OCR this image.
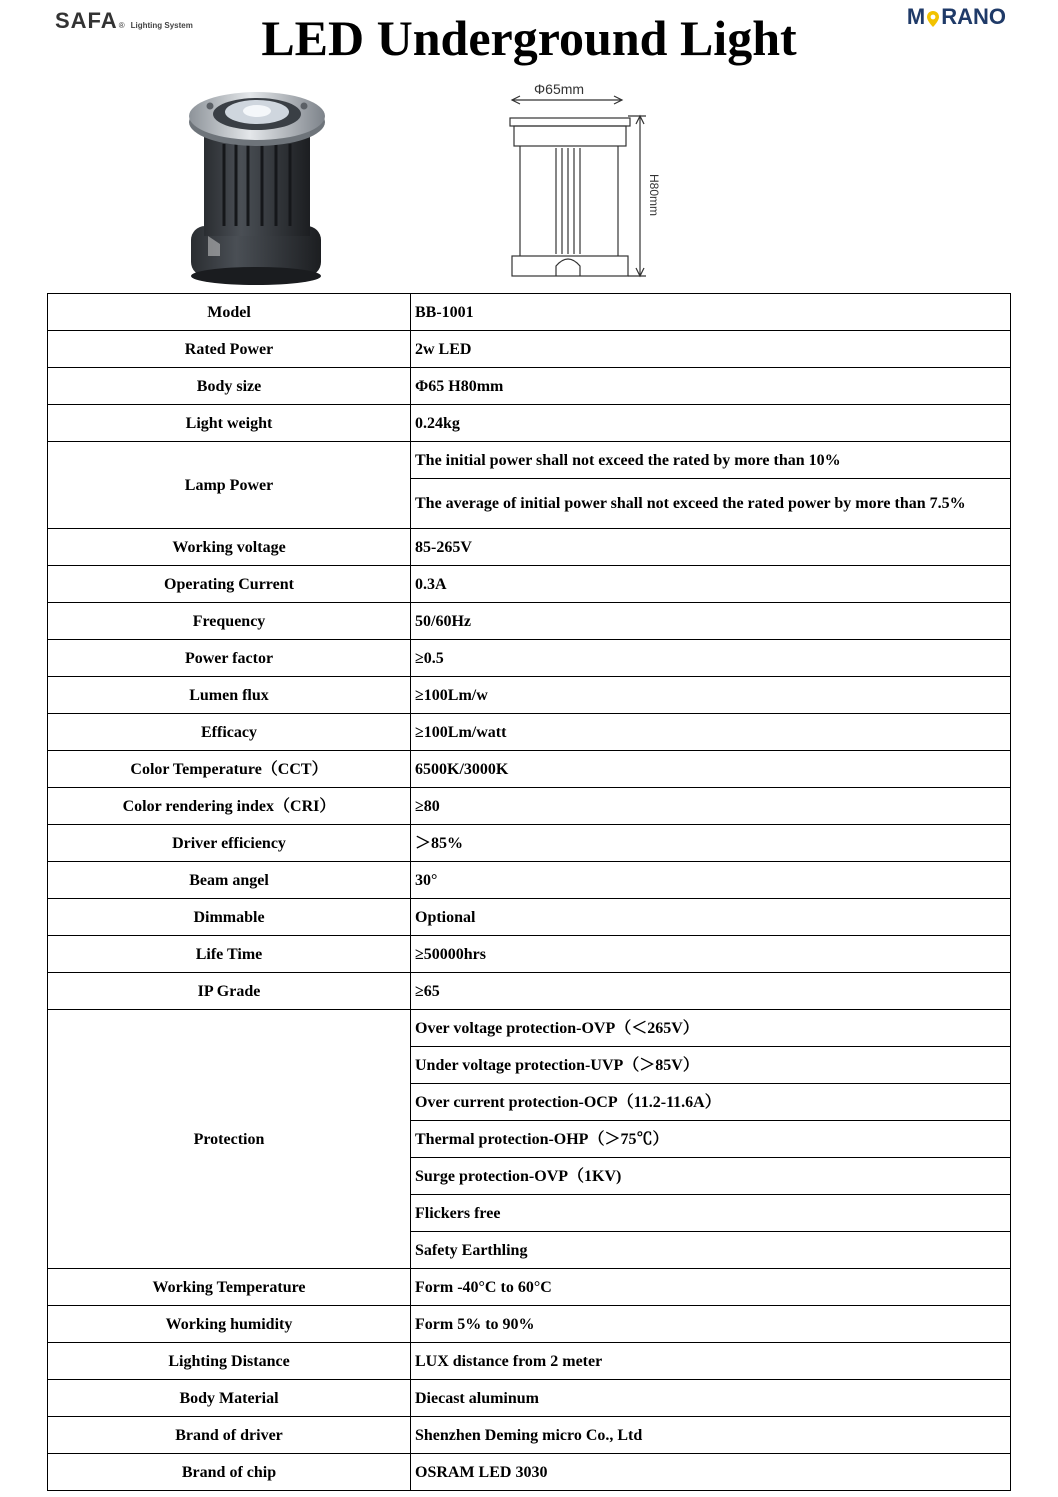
SAFA ® Lighting System	LED Underground Light	M RANO
Φ65mm
H80mm
Model	BB-1001
Rated Power	2w LED
Body size	Φ65 H80mm
Light weight	0.24kg
Lamp Power	The initial power shall not exceed the rated by more than 10%
	The average of initial power shall not exceed the rated power by more than 7.5%
Working voltage	85-265V
Operating Current	0.3A
Frequency	50/60Hz
Power factor	≥0.5
Lumen flux	≥100Lm/w
Efficacy	≥100Lm/watt
Color Temperature（CCT）	6500K/3000K
Color rendering index（CRI）	≥80
Driver efficiency	＞85%
Beam angel	30°
Dimmable	Optional
Life Time	≥50000hrs
IP Grade	≥65
Protection	Over voltage protection-OVP（＜265V）
	Under voltage protection-UVP（＞85V）
	Over current protection-OCP（11.2-11.6A）
	Thermal protection-OHP（＞75℃）
	Surge protection-OVP（1KV)
	Flickers free
	Safety Earthling
Working Temperature	Form -40°C to 60°C
Working humidity	Form 5% to 90%
Lighting Distance	LUX distance from 2 meter
Body Material	Diecast aluminum
Brand of driver	Shenzhen Deming micro Co., Ltd
Brand of chip	OSRAM LED 3030
